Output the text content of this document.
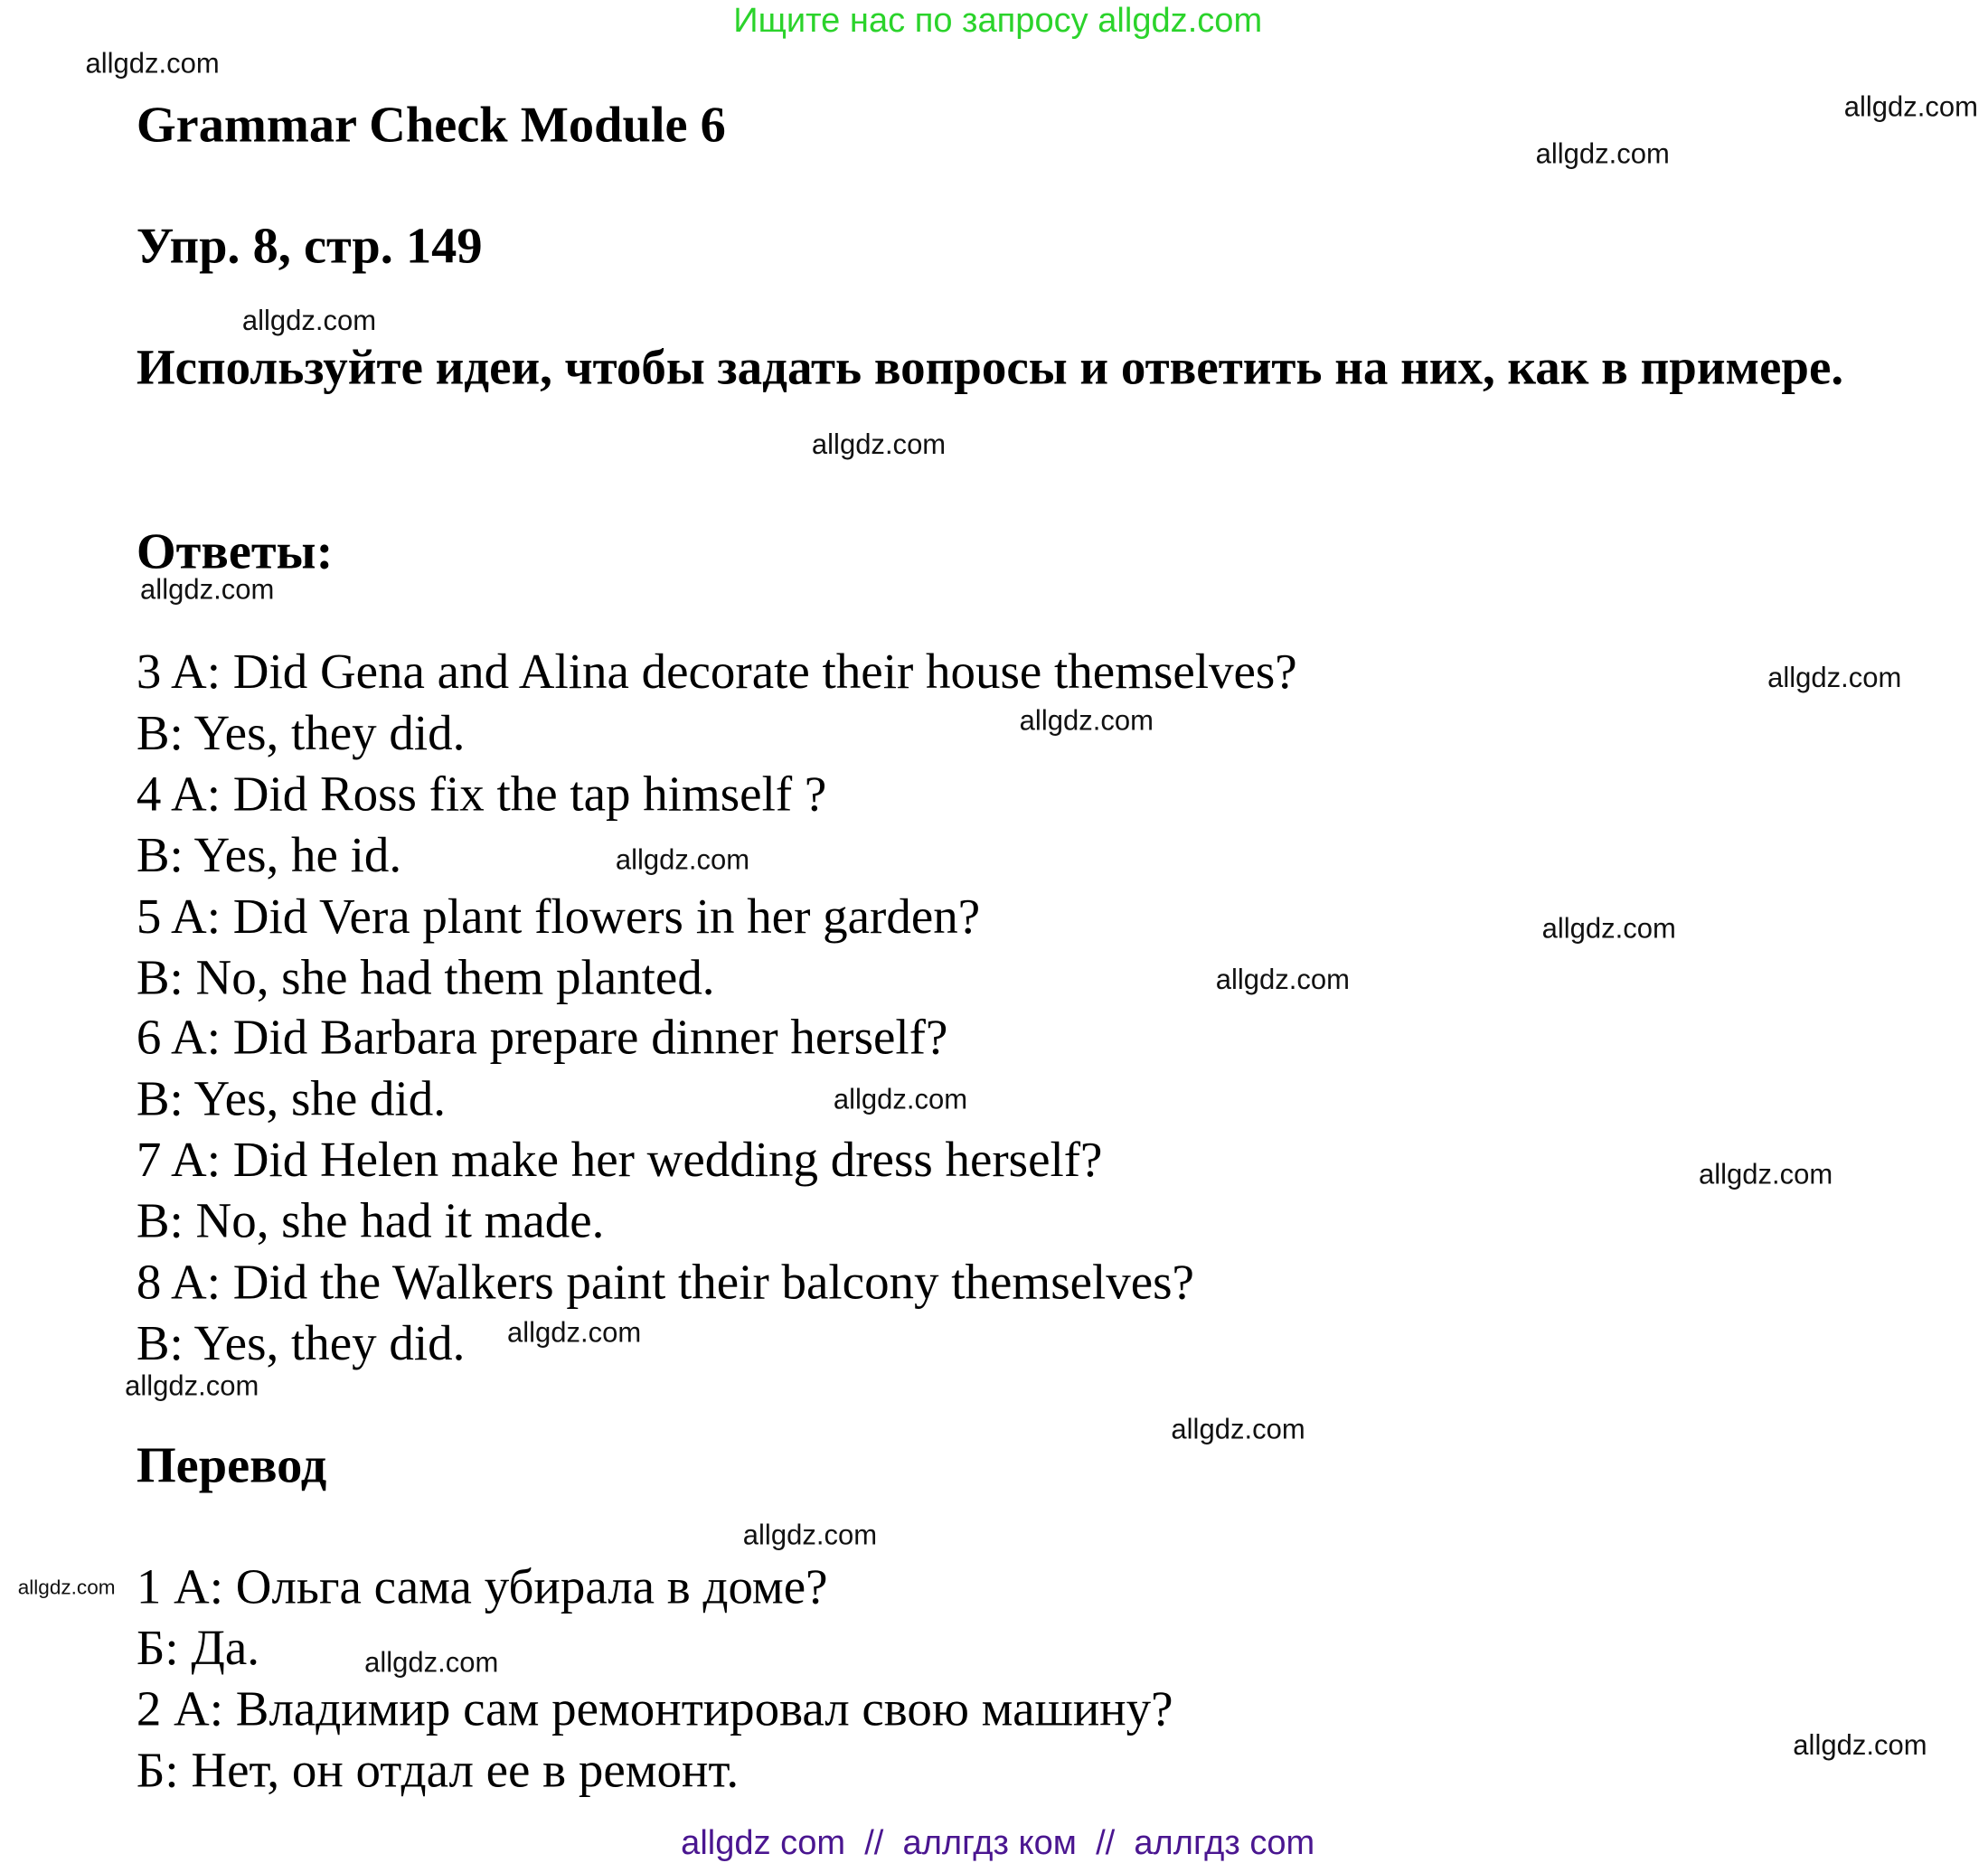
Ищите нас по запросу allgdz.com
Grammar Check Module 6
Упр. 8, стр. 149
Используйте идеи, чтобы задать вопросы и ответить на них, как в примере.
Ответы:
3 A: Did Gena and Alina decorate their house themselves?
B: Yes, they did.
4 A: Did Ross fix the tap himself ?
B: Yes, he id.
5 A: Did Vera plant flowers in her garden?
B: No, she had them planted.
6 A: Did Barbara prepare dinner herself?
B: Yes, she did.
7 A: Did Helen make her wedding dress herself?
B: No, she had it made.
8 A: Did the Walkers paint their balcony themselves?
B: Yes, they did.
Перевод
1 А: Ольга сама убирала в доме?
Б: Да.
2 А: Владимир сам ремонтировал свою машину?
Б: Нет, он отдал ее в ремонт.
allgdz.com
allgdz.com
allgdz.com
allgdz.com
allgdz.com
allgdz.com
allgdz.com
allgdz.com
allgdz.com
allgdz.com
allgdz.com
allgdz.com
allgdz.com
allgdz.com
allgdz.com
allgdz.com
allgdz.com
allgdz.com
allgdz.com
allgdz.com
allgdz com  //  аллгдз ком  //  аллгдз com
